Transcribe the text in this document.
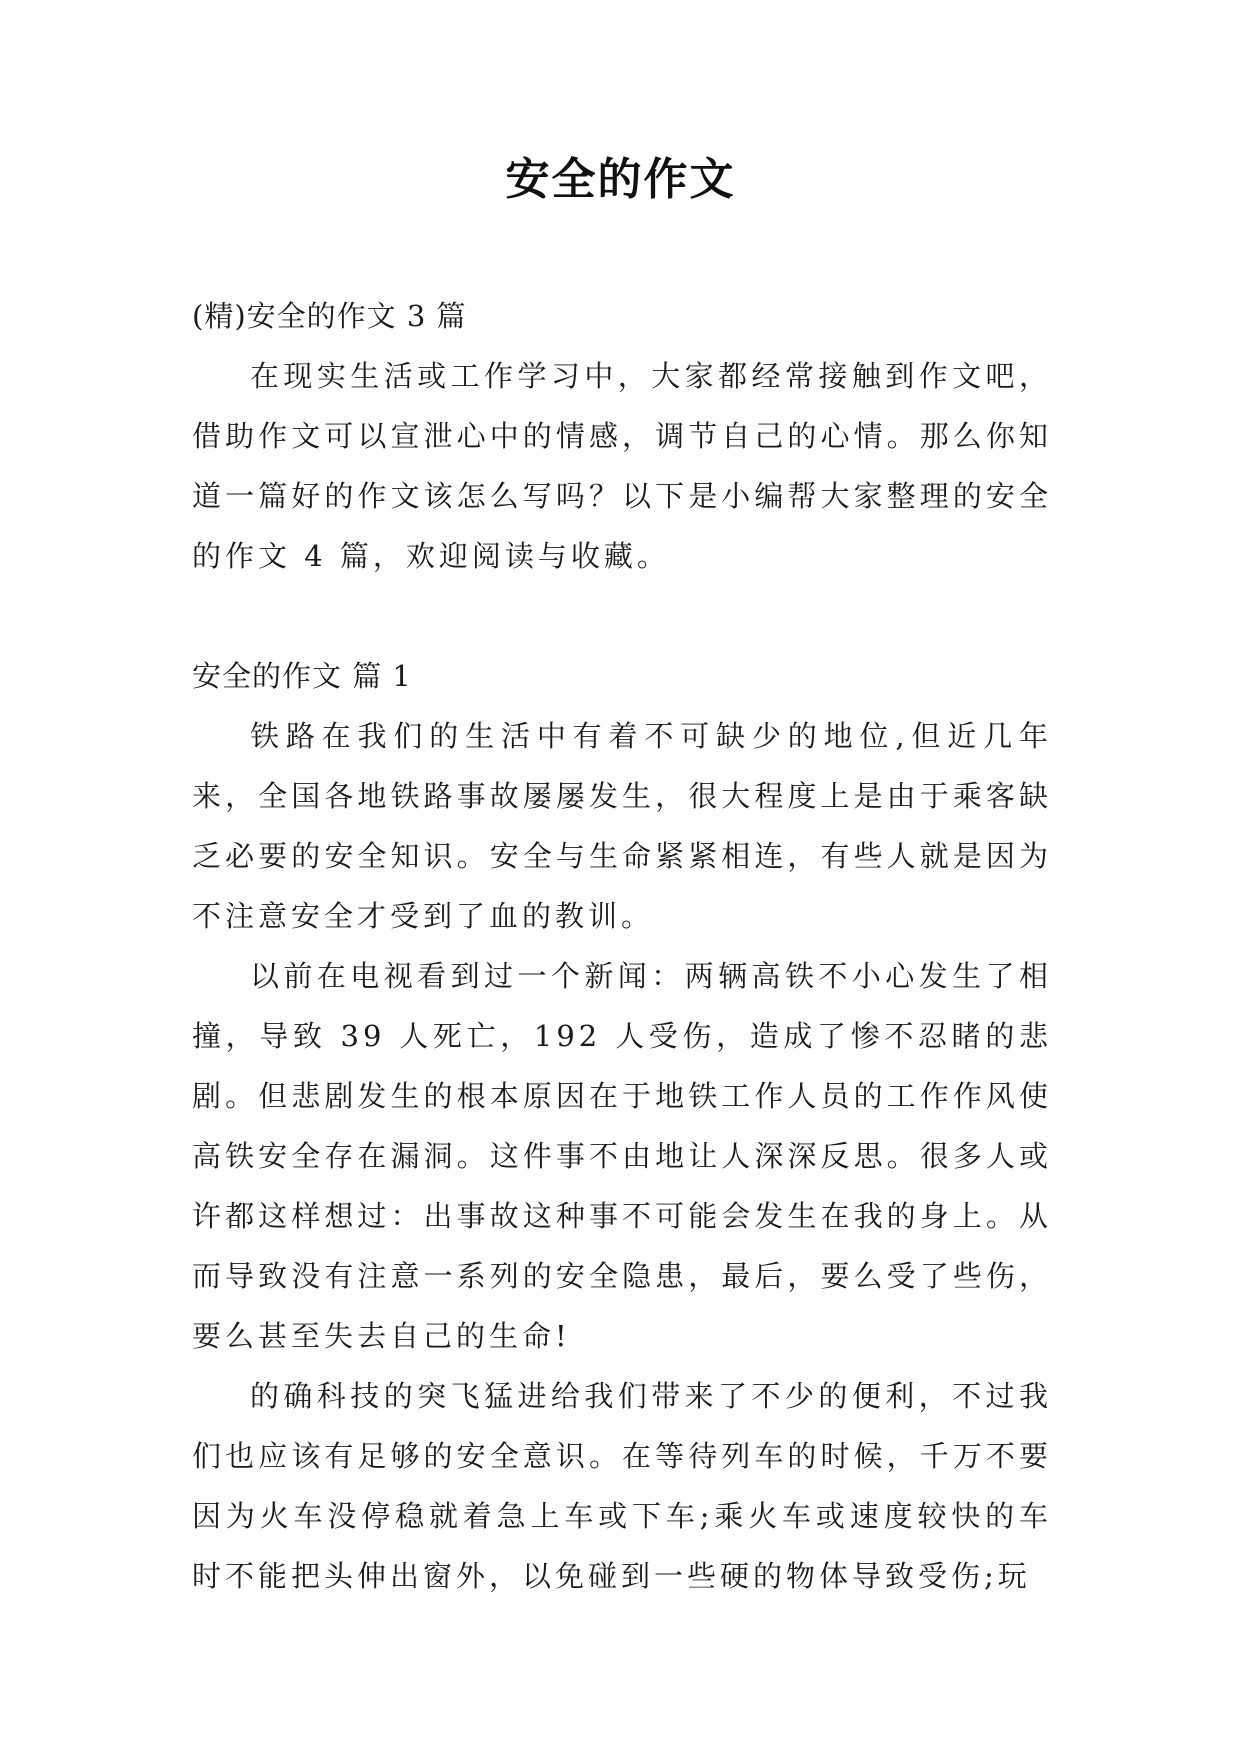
安全的作文

(精)安全的作文 3 篇

在现实生活或工作学习中，大家都经常接触到作文吧，借助作文可以宣泄心中的情感，调节自己的心情。那么你知道一篇好的作文该怎么写吗？以下是小编帮大家整理的安全的作文 4 篇，欢迎阅读与收藏。

安全的作文 篇 1

铁路在我们的生活中有着不可缺少的地位,但近几年来，全国各地铁路事故屡屡发生，很大程度上是由于乘客缺乏必要的安全知识。安全与生命紧紧相连，有些人就是因为不注意安全才受到了血的教训。

以前在电视看到过一个新闻：两辆高铁不小心发生了相撞，导致 39 人死亡，192 人受伤，造成了惨不忍睹的悲剧。但悲剧发生的根本原因在于地铁工作人员的工作作风使高铁安全存在漏洞。这件事不由地让人深深反思。很多人或许都这样想过：出事故这种事不可能会发生在我的身上。从而导致没有注意一系列的安全隐患，最后，要么受了些伤，要么甚至失去自己的生命!

的确科技的突飞猛进给我们带来了不少的便利，不过我们也应该有足够的安全意识。在等待列车的时候，千万不要因为火车没停稳就着急上车或下车;乘火车或速度较快的车时不能把头伸出窗外，以免碰到一些硬的物体导致受伤;玩
